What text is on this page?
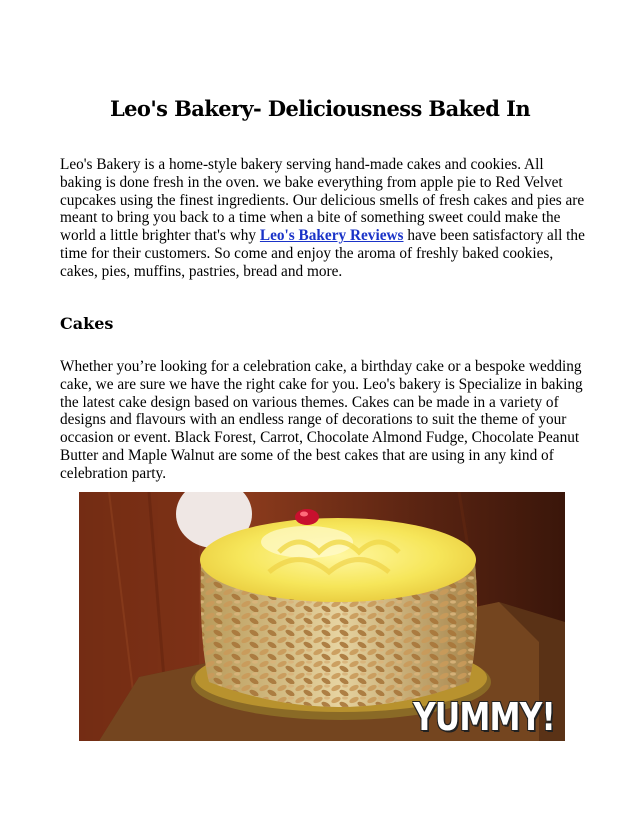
Leo's Bakery- Deliciousness Baked In

Leo's Bakery is a home-style bakery serving hand-made cakes and cookies. All baking is done fresh in the oven. we bake everything from apple pie to Red Velvet cupcakes using the finest ingredients. Our delicious smells of fresh cakes and pies are meant to bring you back to a time when a bite of something sweet could make the world a little brighter that's why Leo's Bakery Reviews have been satisfactory all the time for their customers. So come and enjoy the aroma of freshly baked cookies, cakes, pies, muffins, pastries, bread and more.

Cakes

Whether you’re looking for a celebration cake, a birthday cake or a bespoke wedding cake, we are sure we have the right cake for you. Leo's bakery is Specialize in baking the latest cake design based on various themes. Cakes can be made in a variety of designs and flavours with an endless range of decorations to suit the theme of your occasion or event. Black Forest, Carrot, Chocolate Almond Fudge, Chocolate Peanut Butter and Maple Walnut are some of the best cakes that are using in any kind of celebration party.

YUMMY!
